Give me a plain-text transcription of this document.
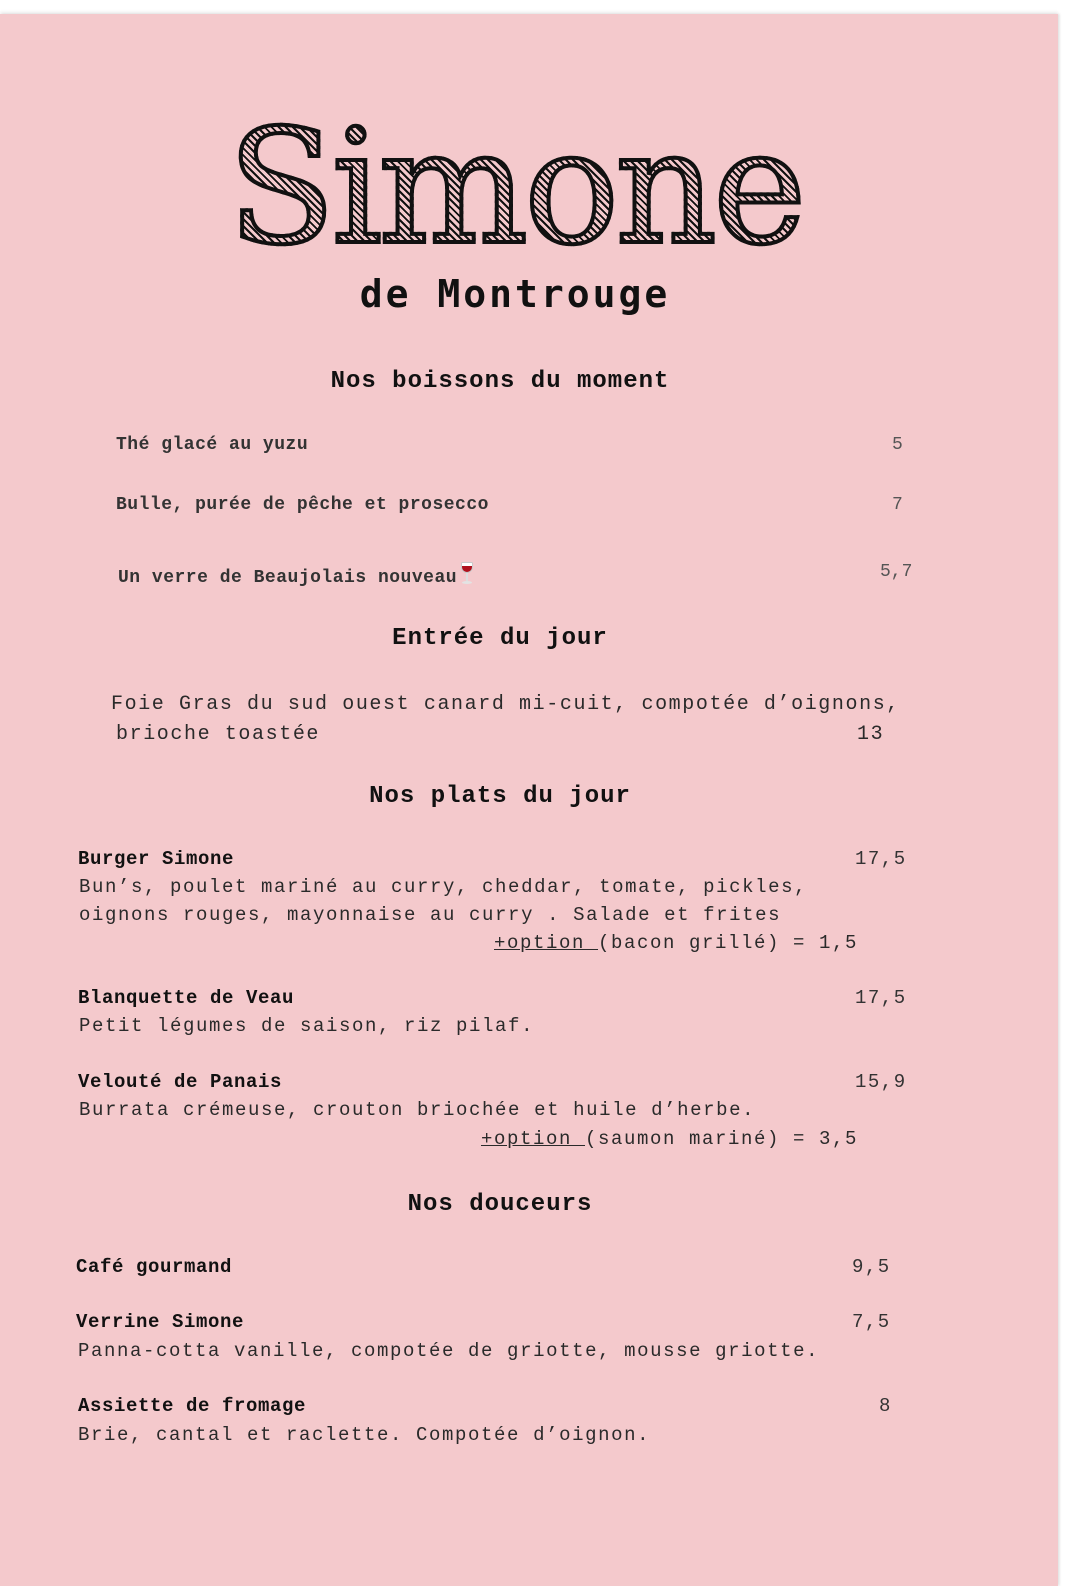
Simone
de Montrouge
Nos boissons du moment
Thé glacé au yuzu	5
Bulle, purée de pêche et prosecco	7
Un verre de Beaujolais nouveau	5,7
Entrée du jour
Foie Gras du sud ouest canard mi-cuit, compotée d’oignons,
brioche toastée	13
Nos plats du jour
Burger Simone	17,5
Bun’s, poulet mariné au curry, cheddar, tomate, pickles,
oignons rouges, mayonnaise au curry . Salade et frites
+option (bacon grillé) = 1,5
Blanquette de Veau	17,5
Petit légumes de saison, riz pilaf.
Velouté de Panais	15,9
Burrata crémeuse, crouton briochée et huile d’herbe.
+option (saumon mariné) = 3,5
Nos douceurs
Café gourmand	9,5
Verrine Simone	7,5
Panna-cotta vanille, compotée de griotte, mousse griotte.
Assiette de fromage	8
Brie, cantal et raclette. Compotée d’oignon.
